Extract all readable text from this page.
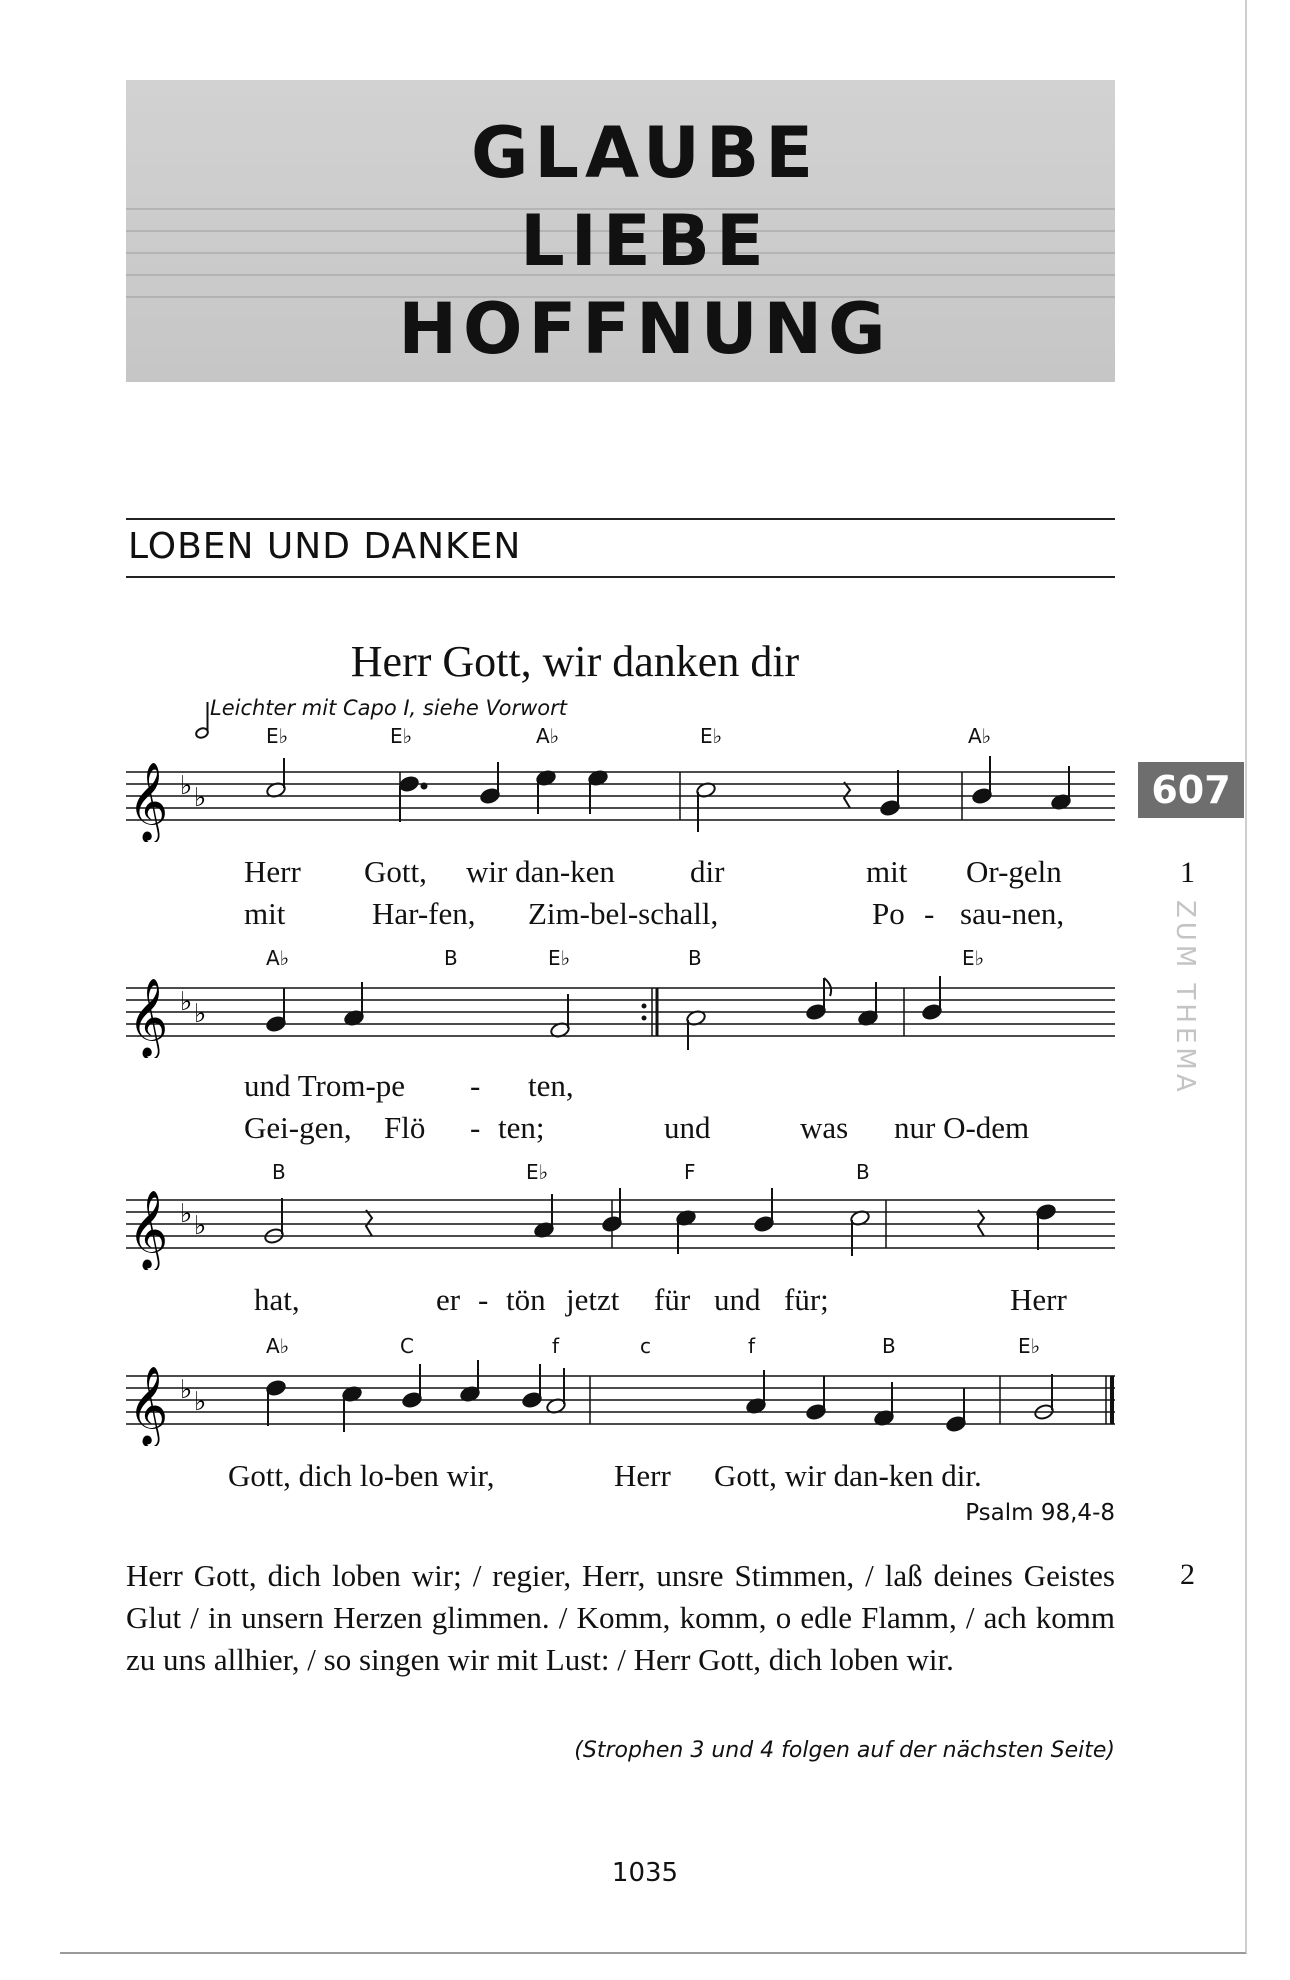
GLAUBE
LIEBE
HOFFNUNG
LOBEN UND DANKEN
Herr Gott, wir danken dir
Leichter mit Capo I, siehe Vorwort
607
ZUM THEMA
E♭	E♭	A♭	E♭	A♭
𝄞 ♭ ♭
1
Herr Gott, wir dan-ken dir	mit Or-geln
mit	Har-fen, Zim-bel-schall,	Po - sau-nen,
A♭	B	E♭	B	E♭
𝄞 ♭ ♭
und Trom-pe - ten,
Gei-gen, Flö - ten;	und	was nur O-dem
B	E♭	F	B
𝄞 ♭ ♭
hat,	er - tön jetzt für und für;	Herr
A♭	C	f	c	f	B	E♭
𝄞 ♭ ♭
Gott, dich lo-ben wir,	Herr Gott, wir dan-ken dir.
Psalm 98,4-8
2
Herr Gott, dich loben wir; / regier, Herr, unsre Stimmen, / laß deines Geistes Glut / in unsern Herzen glimmen. / Komm, komm, o edle Flamm, / ach komm zu uns allhier, / so singen wir mit Lust: / Herr Gott, dich loben wir.
(Strophen 3 und 4 folgen auf der nächsten Seite)
1035
